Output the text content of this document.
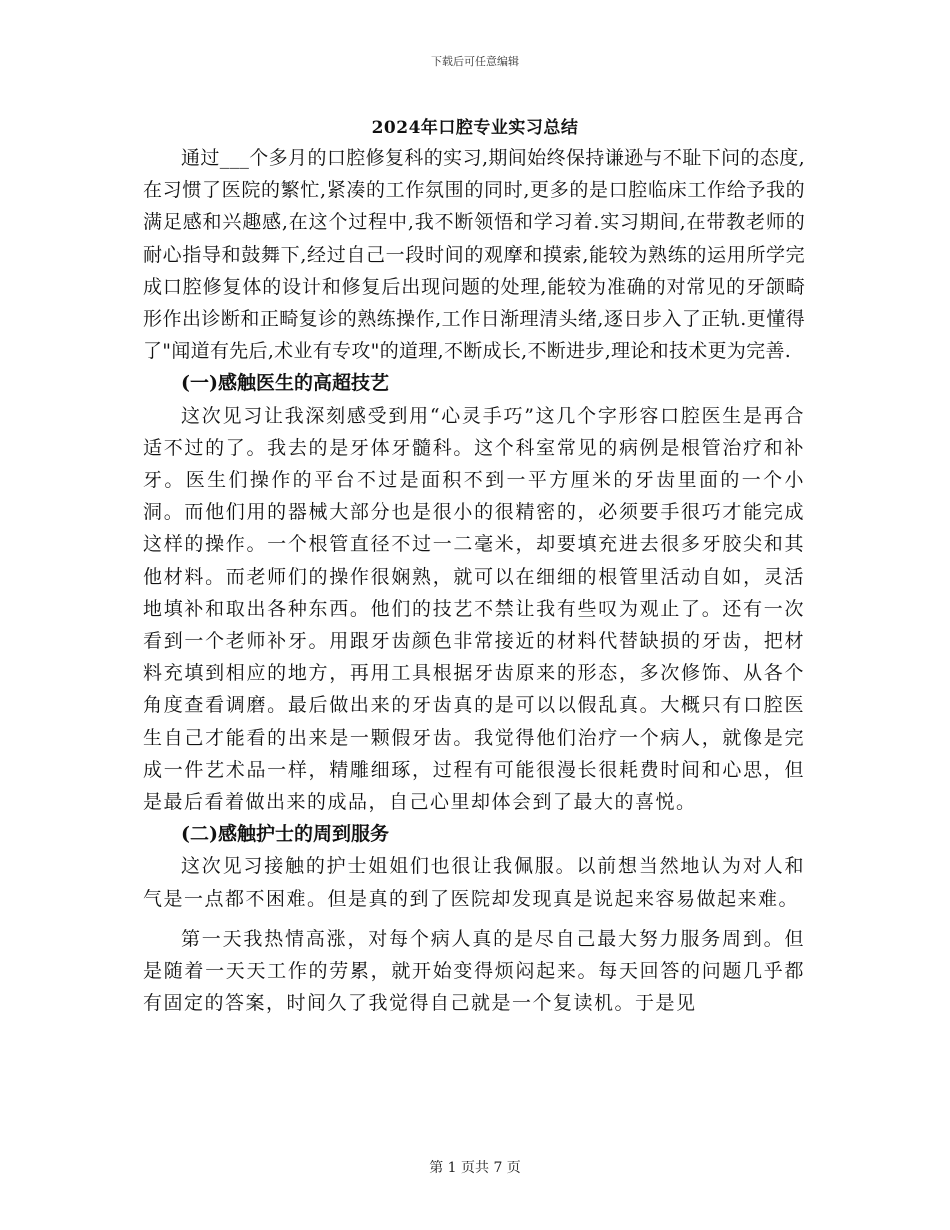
下载后可任意编辑
2024年口腔专业实习总结

通过___个多月的口腔修复科的实习,期间始终保持谦逊与不耻下问的态度,在习惯了医院的繁忙,紧凑的工作氛围的同时,更多的是口腔临床工作给予我的满足感和兴趣感,在这个过程中,我不断领悟和学习着.实习期间,在带教老师的耐心指导和鼓舞下,经过自己一段时间的观摩和摸索,能较为熟练的运用所学完成口腔修复体的设计和修复后出现问题的处理,能较为准确的对常见的牙颌畸形作出诊断和正畸复诊的熟练操作,工作日渐理清头绪,逐日步入了正轨.更懂得了"闻道有先后,术业有专攻"的道理,不断成长,不断进步,理论和技术更为完善.

(一)感触医生的高超技艺

这次见习让我深刻感受到用“心灵手巧”这几个字形容口腔医生是再合适不过的了。我去的是牙体牙髓科。这个科室常见的病例是根管治疗和补牙。医生们操作的平台不过是面积不到一平方厘米的牙齿里面的一个小洞。而他们用的器械大部分也是很小的很精密的，必须要手很巧才能完成这样的操作。一个根管直径不过一二毫米，却要填充进去很多牙胶尖和其他材料。而老师们的操作很娴熟，就可以在细细的根管里活动自如，灵活地填补和取出各种东西。他们的技艺不禁让我有些叹为观止了。还有一次看到一个老师补牙。用跟牙齿颜色非常接近的材料代替缺损的牙齿，把材料充填到相应的地方，再用工具根据牙齿原来的形态，多次修饰、从各个角度查看调磨。最后做出来的牙齿真的是可以以假乱真。大概只有口腔医生自己才能看的出来是一颗假牙齿。我觉得他们治疗一个病人，就像是完成一件艺术品一样，精雕细琢，过程有可能很漫长很耗费时间和心思，但是最后看着做出来的成品，自己心里却体会到了最大的喜悦。

(二)感触护士的周到服务

这次见习接触的护士姐姐们也很让我佩服。以前想当然地认为对人和气是一点都不困难。但是真的到了医院却发现真是说起来容易做起来难。

第一天我热情高涨，对每个病人真的是尽自己最大努力服务周到。但是随着一天天工作的劳累，就开始变得烦闷起来。每天回答的问题几乎都有固定的答案，时间久了我觉得自己就是一个复读机。于是见

第 1 页共 7 页
